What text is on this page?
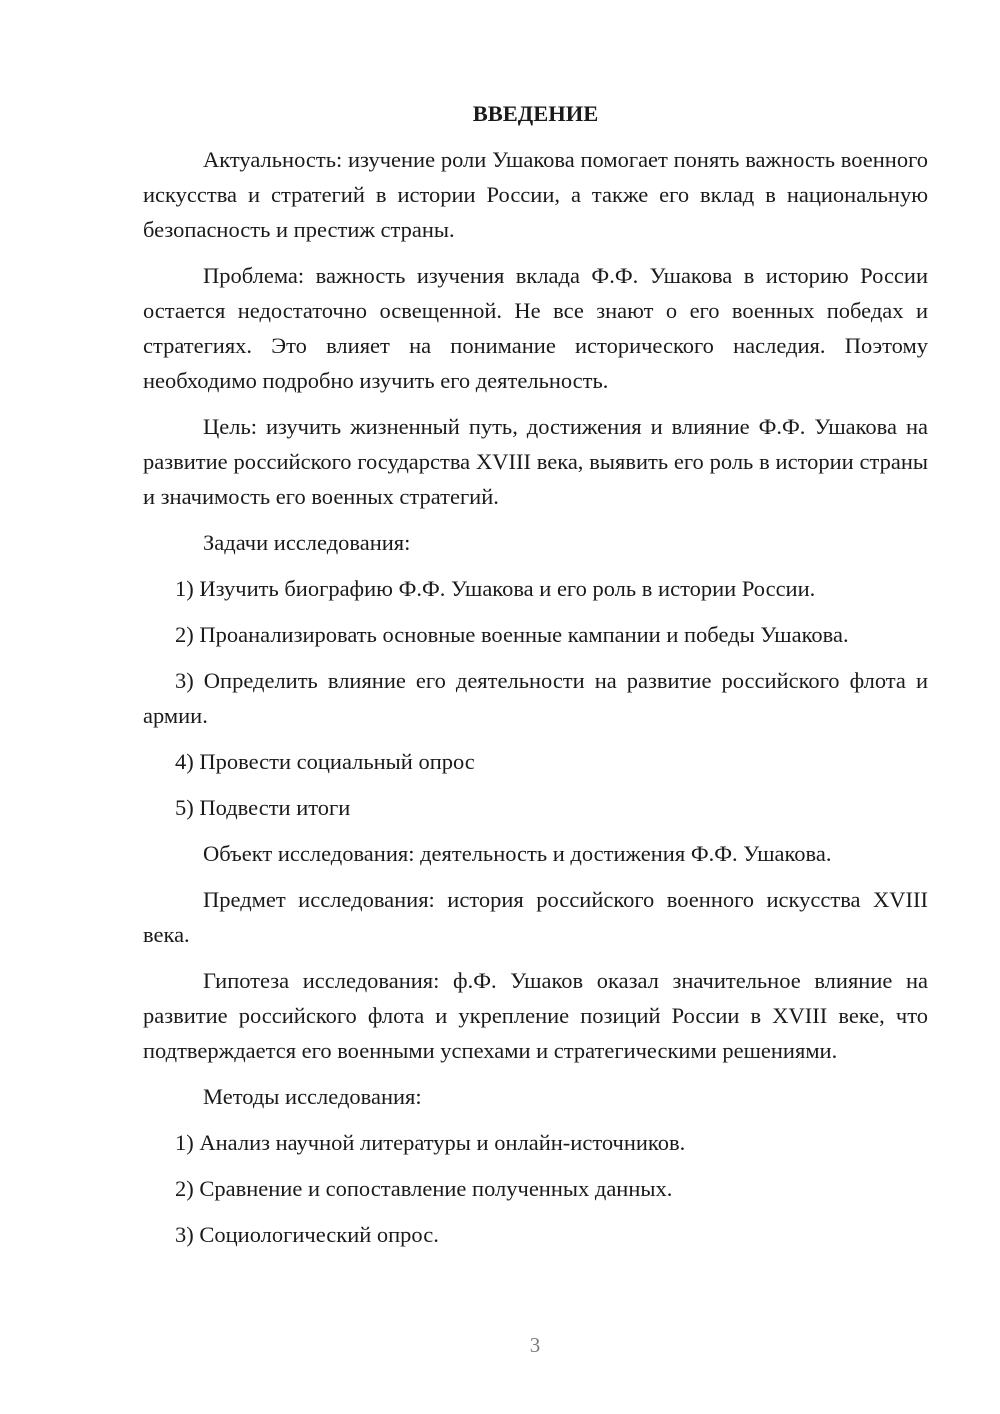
ВВЕДЕНИЕ

Актуальность: изучение роли Ушакова помогает понять важность военного искусства и стратегий в истории России, а также его вклад в национальную безопасность и престиж страны.

Проблема: важность изучения вклада Ф.Ф. Ушакова в историю России остается недостаточно освещенной. Не все знают о его военных победах и стратегиях. Это влияет на понимание исторического наследия. Поэтому необходимо подробно изучить его деятельность.

Цель: изучить жизненный путь, достижения и влияние Ф.Ф. Ушакова на развитие российского государства XVIII века, выявить его роль в истории страны и значимость его военных стратегий.

Задачи исследования:

1) Изучить биографию Ф.Ф. Ушакова и его роль в истории России.

2) Проанализировать основные военные кампании и победы Ушакова.

3) Определить влияние его деятельности на развитие российского флота и армии.

4) Провести социальный опрос

5) Подвести итоги

Объект исследования: деятельность и достижения Ф.Ф. Ушакова.

Предмет исследования: история российского военного искусства XVIII века.

Гипотеза исследования: ф.Ф. Ушаков оказал значительное влияние на развитие российского флота и укрепление позиций России в XVIII веке, что подтверждается его военными успехами и стратегическими решениями.

Методы исследования:

1) Анализ научной литературы и онлайн-источников.

2) Сравнение и сопоставление полученных данных.

3) Социологический опрос.

3
